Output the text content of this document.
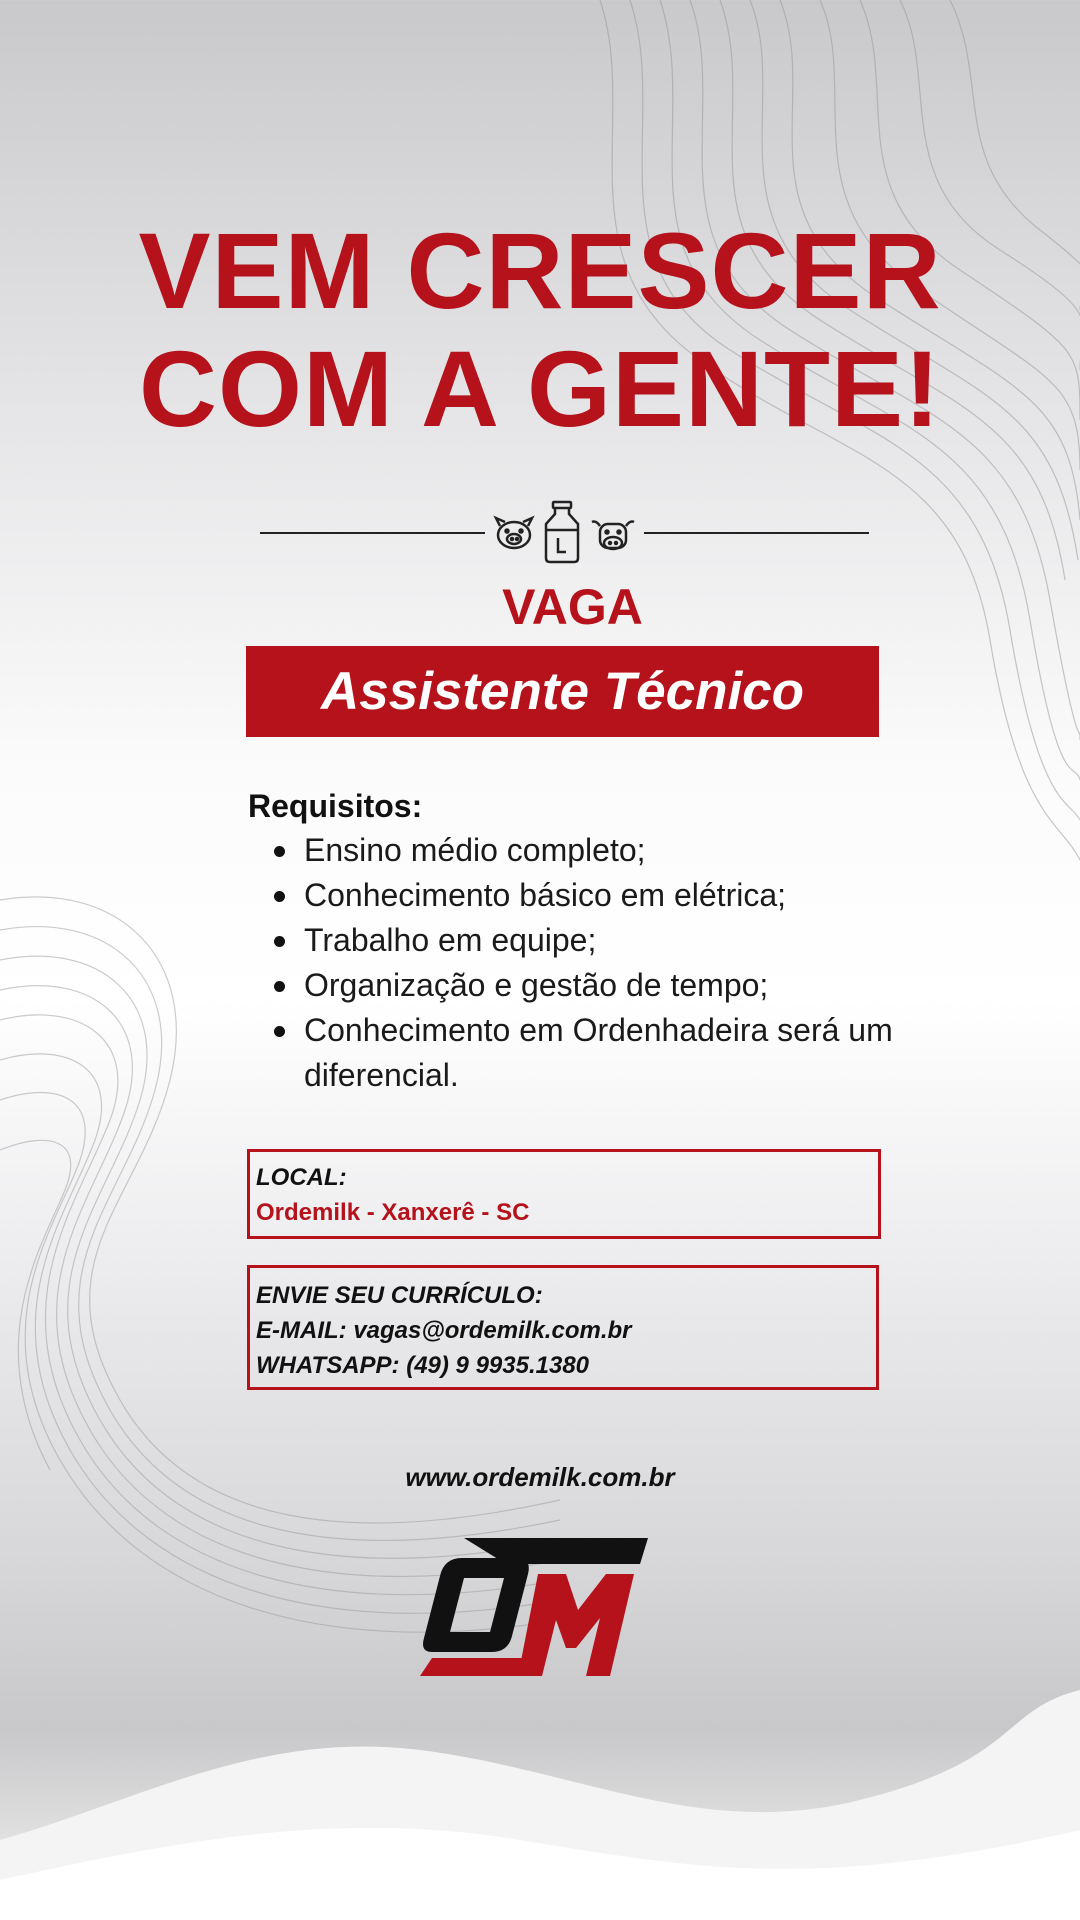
VEM CRESCER
COM A GENTE!
VAGA

Assistente Técnico

Requisitos:

Ensino médio completo;
Conhecimento básico em elétrica;
Trabalho em equipe;
Organização e gestão de tempo;
Conhecimento em Ordenhadeira será um diferencial.

LOCAL:

Ordemilk - Xanxerê - SC

ENVIE SEU CURRÍCULO:

E-MAIL: vagas@ordemilk.com.br

WHATSAPP: (49) 9 9935.1380

www.ordemilk.com.br
